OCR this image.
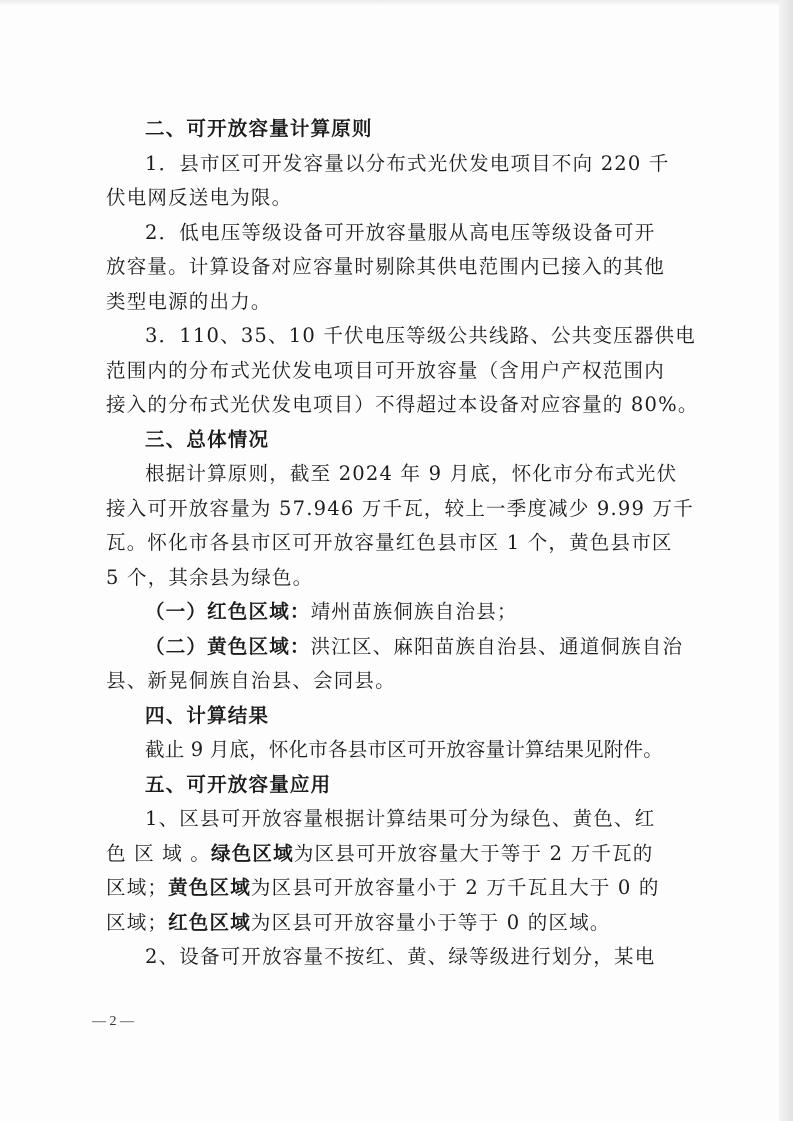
二、可开放容量计算原则
1．县市区可开发容量以分布式光伏发电项目不向 220 千
伏电网反送电为限。
2．低电压等级设备可开放容量服从高电压等级设备可开
放容量。计算设备对应容量时剔除其供电范围内已接入的其他
类型电源的出力。
3．110、35、10 千伏电压等级公共线路、公共变压器供电
范围内的分布式光伏发电项目可开放容量（含用户产权范围内
接入的分布式光伏发电项目）不得超过本设备对应容量的 80%。
三、总体情况
根据计算原则，截至 2024 年 9 月底，怀化市分布式光伏
接入可开放容量为 57.946 万千瓦，较上一季度减少 9.99 万千
瓦。怀化市各县市区可开放容量红色县市区 1 个，黄色县市区
5 个，其余县为绿色。
（一）红色区域：靖州苗族侗族自治县；
（二）黄色区域：洪江区、麻阳苗族自治县、通道侗族自治
县、新晃侗族自治县、会同县。
四、计算结果
截止 9 月底，怀化市各县市区可开放容量计算结果见附件。
五、可开放容量应用
1、区县可开放容量根据计算结果可分为绿色、黄色、红
色 区 域 。绿色区域为区县可开放容量大于等于 2 万千瓦的
区域；黄色区域为区县可开放容量小于 2 万千瓦且大于 0 的
区域；红色区域为区县可开放容量小于等于 0 的区域。
2、设备可开放容量不按红、黄、绿等级进行划分，某电
— 2 —
